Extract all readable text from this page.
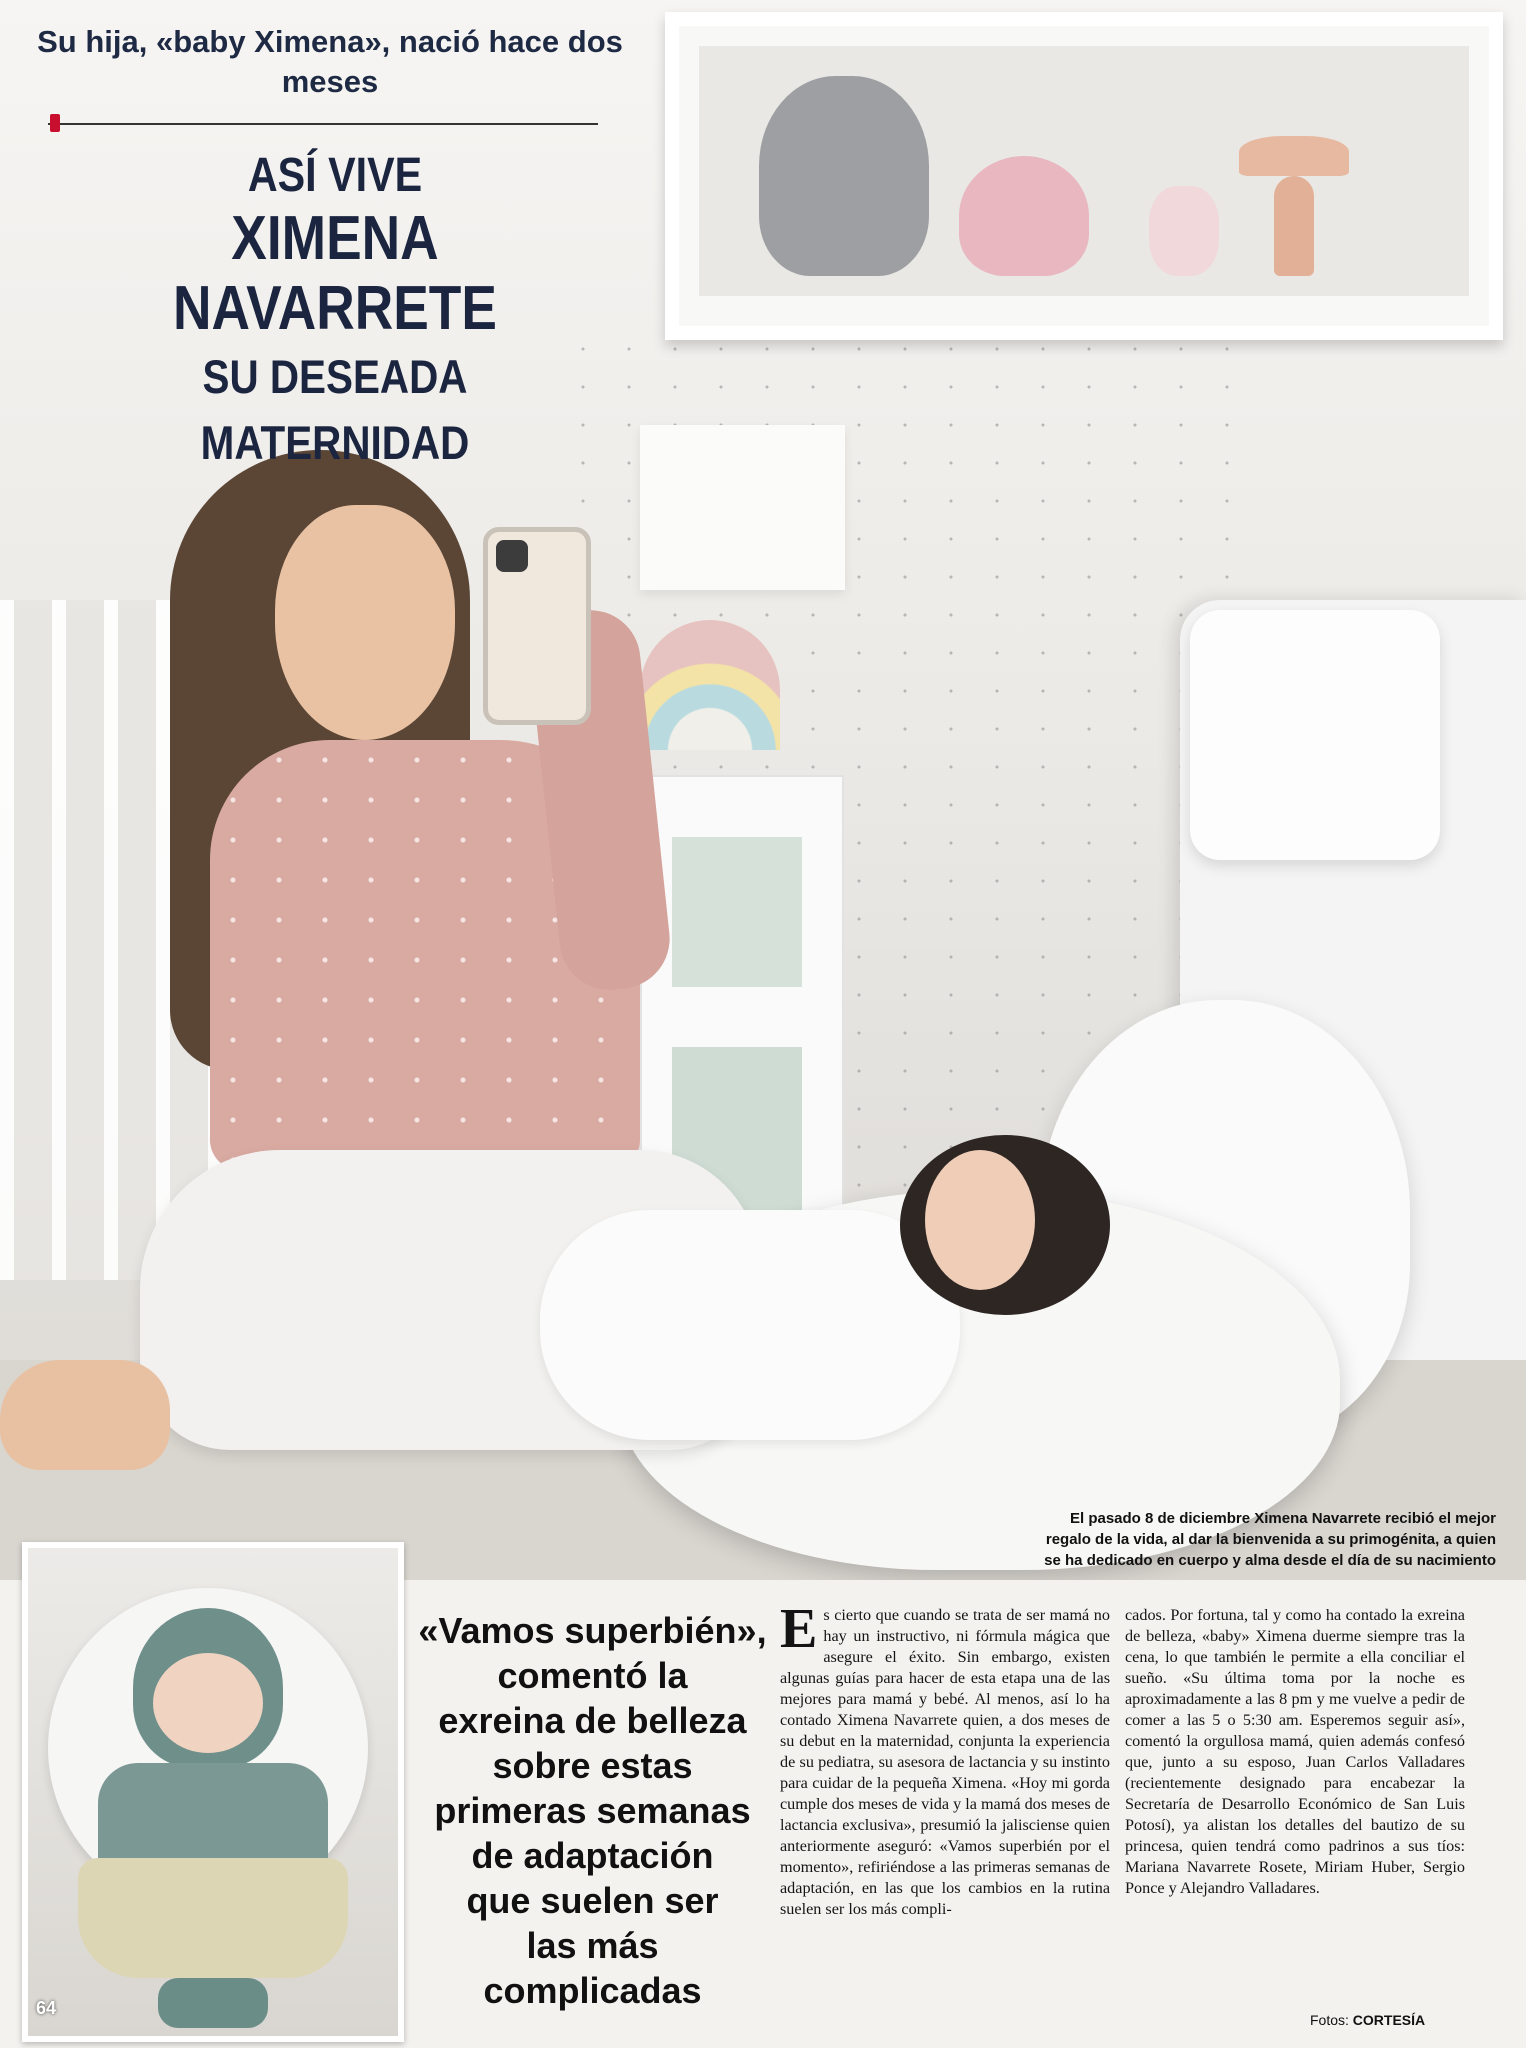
Su hija, «baby Ximena», nació hace dos meses

ASÍ VIVE
XIMENA
NAVARRETE
SU DESEADA MATERNIDAD
El pasado 8 de diciembre Ximena Navarrete recibió el mejor regalo de la vida, al dar la bienvenida a su primogénita, a quien se ha dedicado en cuerpo y alma desde el día de su nacimiento
64

«Vamos superbién»,
comentó la
exreina de belleza
sobre estas
primeras semanas
de adaptación
que suelen ser
las más
complicadas

Es cierto que cuando se trata de ser mamá no hay un instructivo, ni fórmula mágica que asegure el éxito. Sin embargo, existen algunas guías para hacer de esta etapa una de las mejores para mamá y bebé. Al menos, así lo ha contado Ximena Navarrete quien, a dos meses de su debut en la maternidad, conjunta la experiencia de su pediatra, su asesora de lactancia y su instinto para cuidar de la pequeña Ximena. «Hoy mi gorda cumple dos meses de vida y la mamá dos meses de lactancia exclusiva», presumió la jalisciense quien anteriormente aseguró: «Vamos superbién por el momento», refiriéndose a las primeras semanas de adaptación, en las que los cambios en la rutina suelen ser los más compli-

cados. Por fortuna, tal y como ha contado la exreina de belleza, «baby» Ximena duerme siempre tras la cena, lo que también le permite a ella conciliar el sueño. «Su última toma por la noche es aproximadamente a las 8 pm y me vuelve a pedir de comer a las 5 o 5:30 am. Esperemos seguir así», comentó la orgullosa mamá, quien además confesó que, junto a su esposo, Juan Carlos Valladares (recientemente designado para encabezar la Secretaría de Desarrollo Económico de San Luis Potosí), ya alistan los detalles del bautizo de su princesa, quien tendrá como padrinos a sus tíos: Mariana Navarrete Rosete, Miriam Huber, Sergio Ponce y Alejandro Valladares.

Fotos: CORTESÍA
